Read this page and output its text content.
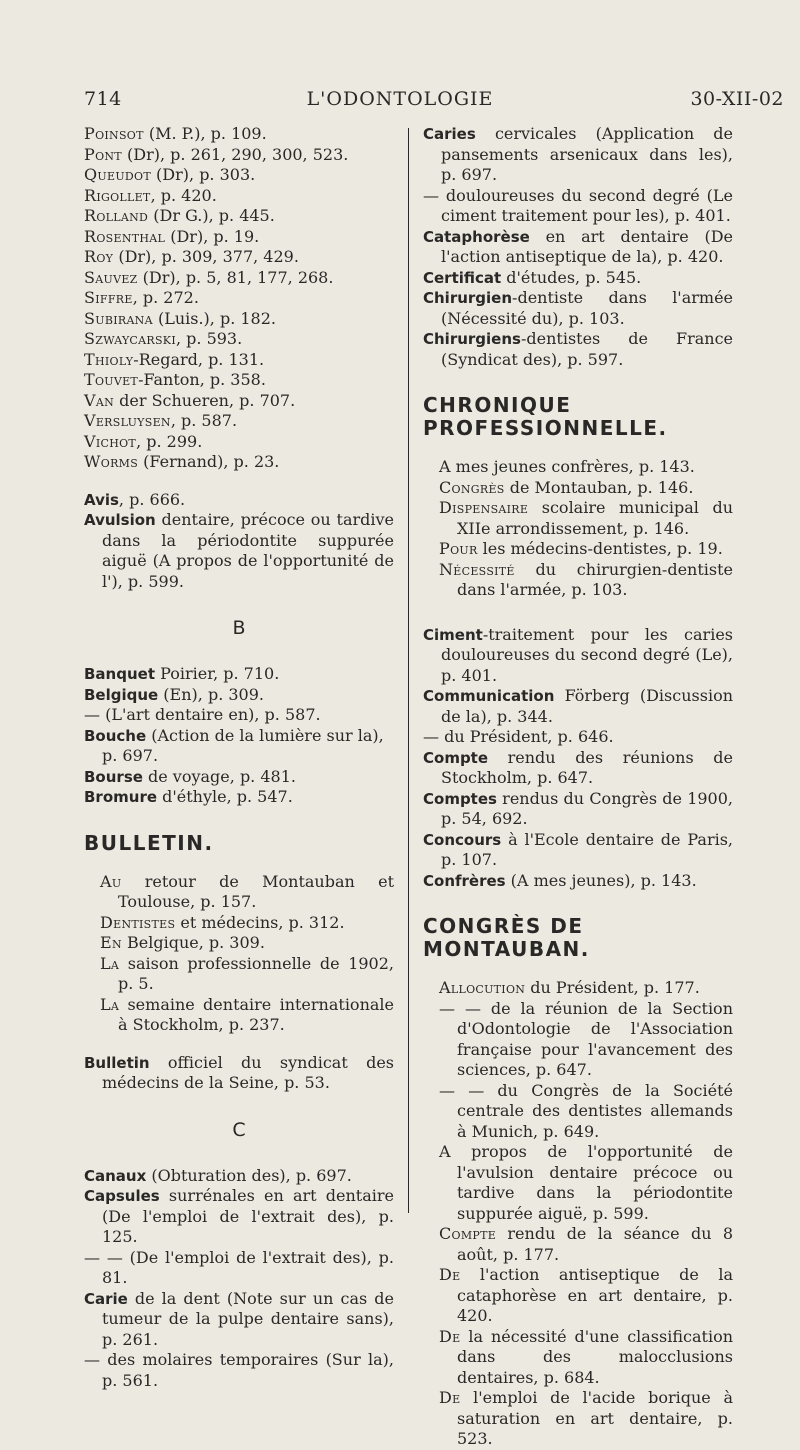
714	L'ODONTOLOGIE	30-XII-02
Poinsot (M. P.), p. 109.
Pont (Dr), p. 261, 290, 300, 523.
Queudot (Dr), p. 303.
Rigollet, p. 420.
Rolland (Dr G.), p. 445.
Rosenthal (Dr), p. 19.
Roy (Dr), p. 309, 377, 429.
Sauvez (Dr), p. 5, 81, 177, 268.
Siffre, p. 272.
Subirana (Luis.), p. 182.
Szwaycarski, p. 593.
Thioly-Regard, p. 131.
Touvet-Fanton, p. 358.
Van der Schueren, p. 707.
Versluysen, p. 587.
Vichot, p. 299.
Worms (Fernand), p. 23.
Avis, p. 666.
Avulsion dentaire, précoce ou tardive dans la périodontite suppurée aiguë (A propos de l'opportunité de l'), p. 599.
B
Banquet Poirier, p. 710.
Belgique (En), p. 309.
— (L'art dentaire en), p. 587.
Bouche (Action de la lumière sur la), p. 697.
Bourse de voyage, p. 481.
Bromure d'éthyle, p. 547.
BULLETIN.
Au retour de Montauban et Toulouse, p. 157.
Dentistes et médecins, p. 312.
En Belgique, p. 309.
La saison professionnelle de 1902, p. 5.
La semaine dentaire internationale à Stockholm, p. 237.
Bulletin officiel du syndicat des médecins de la Seine, p. 53.
C
Canaux (Obturation des), p. 697.
Capsules surrénales en art dentaire (De l'emploi de l'extrait des), p. 125.
— — (De l'emploi de l'extrait des), p. 81.
Carie de la dent (Note sur un cas de tumeur de la pulpe dentaire sans), p. 261.
— des molaires temporaires (Sur la), p. 561.
Caries cervicales (Application de pansements arsenicaux dans les), p. 697.
— douloureuses du second degré (Le ciment traitement pour les), p. 401.
Cataphorèse en art dentaire (De l'action antiseptique de la), p. 420.
Certificat d'études, p. 545.
Chirurgien-dentiste dans l'armée (Nécessité du), p. 103.
Chirurgiens-dentistes de France (Syndicat des), p. 597.
CHRONIQUE PROFESSIONNELLE.
A mes jeunes confrères, p. 143.
Congrès de Montauban, p. 146.
Dispensaire scolaire municipal du XIIe arrondissement, p. 146.
Pour les médecins-dentistes, p. 19.
Nécessité du chirurgien-dentiste dans l'armée, p. 103.
Ciment-traitement pour les caries douloureuses du second degré (Le), p. 401.
Communication Förberg (Discussion de la), p. 344.
— du Président, p. 646.
Compte rendu des réunions de Stockholm, p. 647.
Comptes rendus du Congrès de 1900, p. 54, 692.
Concours à l'Ecole dentaire de Paris, p. 107.
Confrères (A mes jeunes), p. 143.
CONGRÈS DE MONTAUBAN.
Allocution du Président, p. 177.
— — de la réunion de la Section d'Odontologie de l'Association française pour l'avancement des sciences, p. 647.
— — du Congrès de la Société centrale des dentistes allemands à Munich, p. 649.
A propos de l'opportunité de l'avulsion dentaire précoce ou tardive dans la périodontite suppurée aiguë, p. 599.
Compte rendu de la séance du 8 août, p. 177.
De l'action antiseptique de la cataphorèse en art dentaire, p. 420.
De la nécessité d'une classification dans des malocclusions dentaires, p. 684.
De l'emploi de l'acide borique à saturation en art dentaire, p. 523.
